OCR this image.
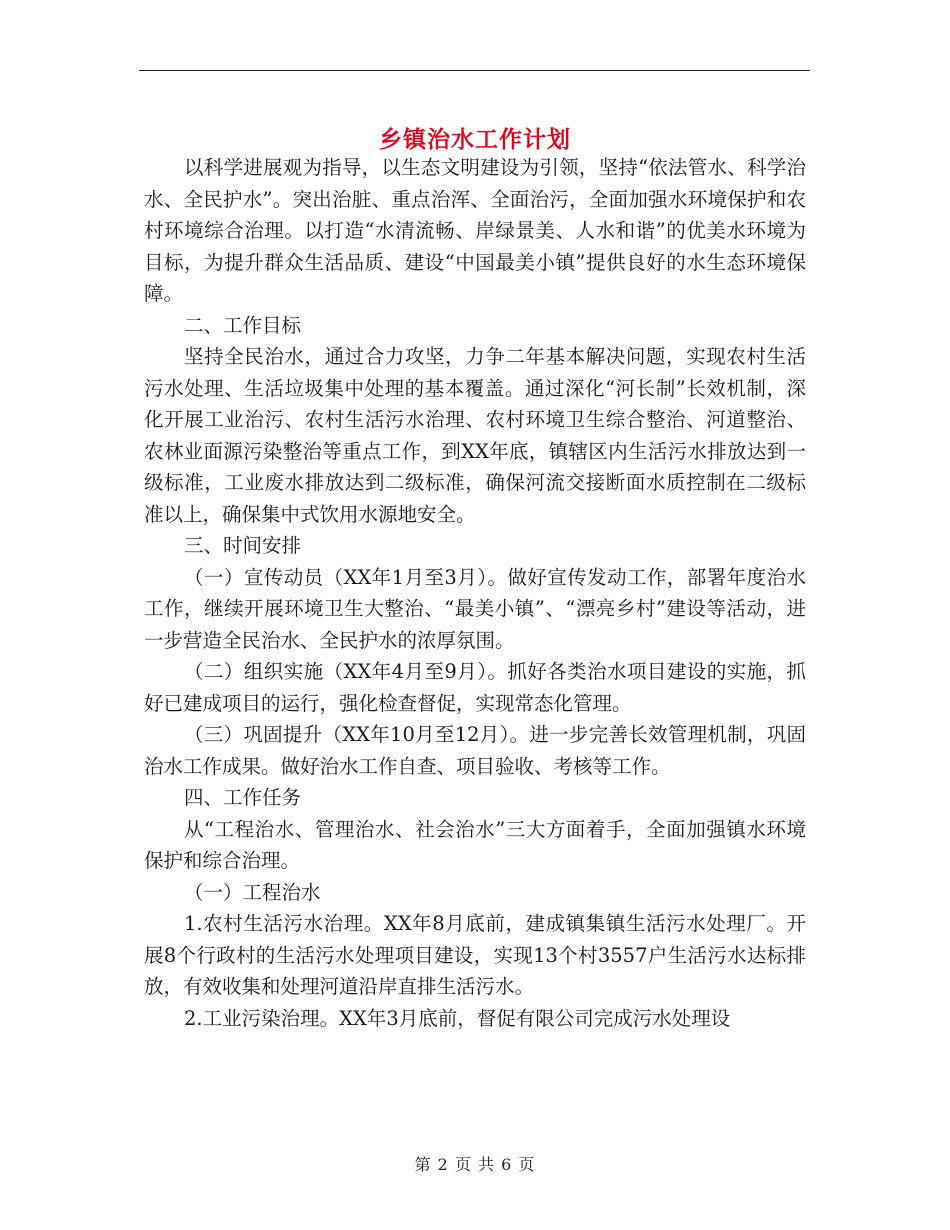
乡镇治水工作计划

以科学进展观为指导，以生态文明建设为引领，坚持“依法管水、科学治水、全民护水”。突出治脏、重点治浑、全面治污，全面加强水环境保护和农村环境综合治理。以打造“水清流畅、岸绿景美、人水和谐”的优美水环境为目标，为提升群众生活品质、建设“中国最美小镇”提供良好的水生态环境保障。

二、工作目标

坚持全民治水，通过合力攻坚，力争二年基本解决问题，实现农村生活污水处理、生活垃圾集中处理的基本覆盖。通过深化“河长制”长效机制，深化开展工业治污、农村生活污水治理、农村环境卫生综合整治、河道整治、农林业面源污染整治等重点工作，到XX年底，镇辖区内生活污水排放达到一级标准，工业废水排放达到二级标准，确保河流交接断面水质控制在二级标准以上，确保集中式饮用水源地安全。

三、时间安排

（一）宣传动员（XX年1月至3月）。做好宣传发动工作，部署年度治水工作，继续开展环境卫生大整治、“最美小镇”、“漂亮乡村”建设等活动，进一步营造全民治水、全民护水的浓厚氛围。

（二）组织实施（XX年4月至9月）。抓好各类治水项目建设的实施，抓好已建成项目的运行，强化检查督促，实现常态化管理。

（三）巩固提升（XX年10月至12月）。进一步完善长效管理机制，巩固治水工作成果。做好治水工作自查、项目验收、考核等工作。

四、工作任务

从“工程治水、管理治水、社会治水”三大方面着手，全面加强镇水环境保护和综合治理。

（一）工程治水

1.农村生活污水治理。XX年8月底前，建成镇集镇生活污水处理厂。开展8个行政村的生活污水处理项目建设，实现13个村3557户生活污水达标排放，有效收集和处理河道沿岸直排生活污水。

2.工业污染治理。XX年3月底前，督促有限公司完成污水处理设

第 2 页 共 6 页
